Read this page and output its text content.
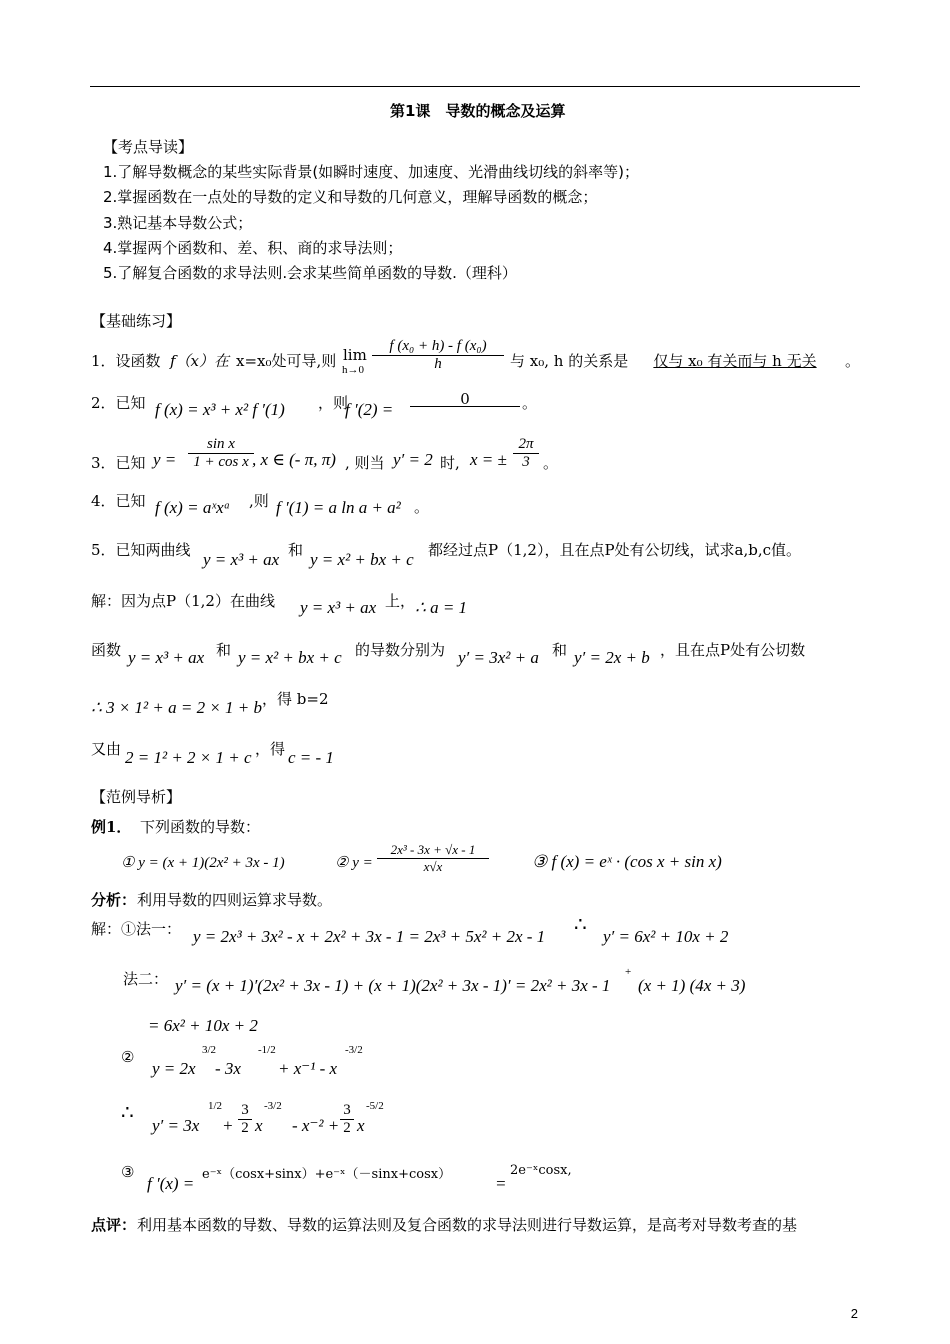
第1课　导数的概念及运算
【考点导读】
1.了解导数概念的某些实际背景(如瞬时速度、加速度、光滑曲线切线的斜率等)；
2.掌握函数在一点处的导数的定义和导数的几何意义，理解导函数的概念；
3.熟记基本导数公式；
4.掌握两个函数和、差、积、商的求导法则；
5.了解复合函数的求导法则.会求某些简单函数的导数.（理科）
【基础练习】
1．设函数 f（x）在 x=x₀处可导,则 lim
$h\to 0 \frac{\text{f (x₀ + h) - f (x₀)}}{h}$ 与 x₀, h 的关系是	仅与 x₀ 有关而与 h 无关	。
2．已知 f (x) = x³ + x² f ′(1) ，则
f ′(2) =
0	。
3．已知 $y = \frac{\text{sin x}}{\text{1 + cos x}}$
, x ∈ (- π, π) , 则当 y′ = 2 时, x = ± $\frac{2\pi}{3}$ 。
4．已知 f (x) = aˣxᵃ ,则 f ′(1) = a ln a + a² 。
5．已知两曲线 y = x³ + ax 和 y = x² + bx + c 都经过点P（1,2），且在点P处有公切线，试求a,b,c值。
解：因为点P（1,2）在曲线 y = x³ + ax 上， ∴ a = 1
函数 y = x³ + ax 和 y = x² + bx + c 的导数分别为 y′ = 3x² + a 和 y′ = 2x + b ，且在点P处有公切数
∴ 3 × 1² + a = 2 × 1 + b ，得 b=2
又由 2 = 1² + 2 × 1 + c ，得 c = - 1
【范例导析】
例1． 下列函数的导数：
① y = (x + 1)(2x² + 3x - 1)	② $y = \frac{\text{2x³ - 3x + √x - 1}}{x√x}$	③ f (x) = eˣ · (cos x + sin x)
分析： 利用导数的四则运算求导数。
解：①法一： y = 2x³ + 3x² - x + 2x² + 3x - 1 = 2x³ + 5x² + 2x - 1
∴
y′ = 6x² + 10x + 2
法二： y′ = (x + 1)′(2x² + 3x - 1) + (x + 1)(2x² + 3x - 1)′ = 2x² + 3x - 1
+
(x + 1) (4x + 3)
= 6x² + 10x + 2
②
y = 2x
3/2
- 3x
-1/2
+ x⁻¹ - x
-3/2
∴
y′ = 3x
1/2
+ $\frac{3}{2}$ x
-3/2
- $x^{-2} + \frac{3}{2}$ x
-5/2
③
f ′(x) = e⁻ˣ（cosx+sinx）+e⁻ˣ（－sinx+cosx）	=
2e⁻ˣcosx,
点评： 利用基本函数的导数、导数的运算法则及复合函数的求导法则进行导数运算，是高考对导数考查的基
2
